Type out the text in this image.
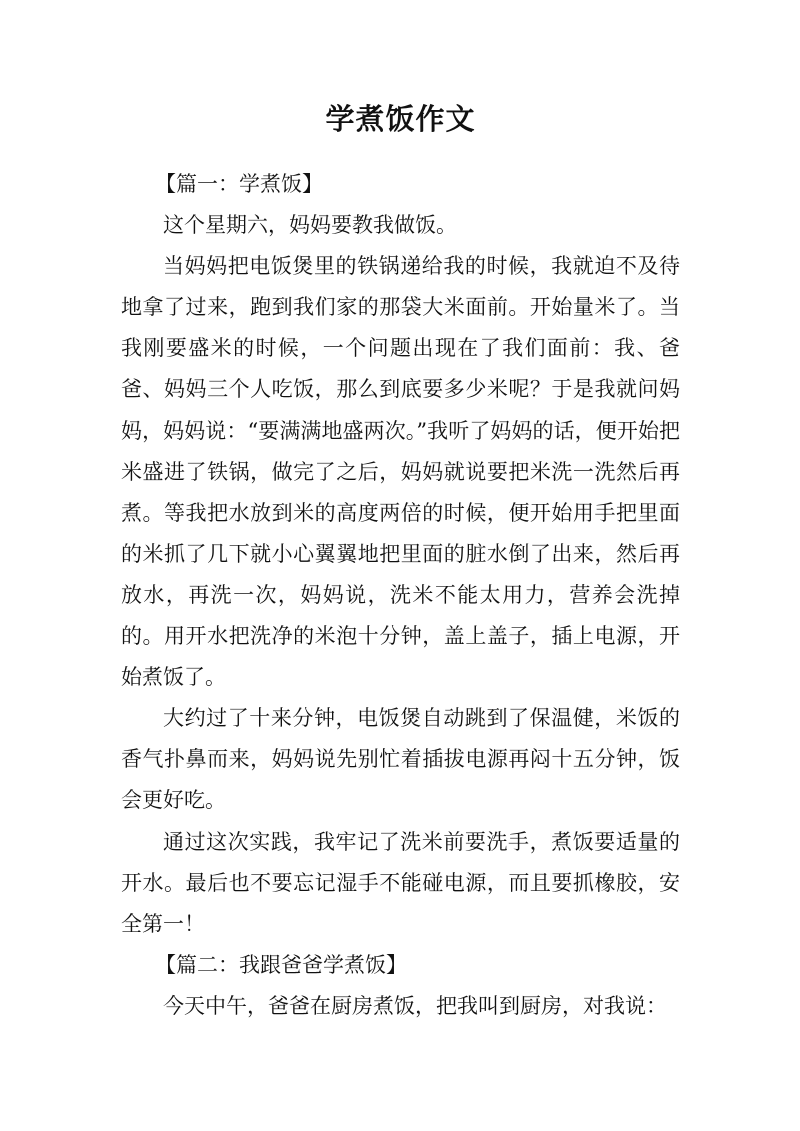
学煮饭作文

【篇一：学煮饭】

这个星期六，妈妈要教我做饭。

当妈妈把电饭煲里的铁锅递给我的时候，我就迫不及待地拿了过来，跑到我们家的那袋大米面前。开始量米了。当我刚要盛米的时候，一个问题出现在了我们面前：我、爸爸、妈妈三个人吃饭，那么到底要多少米呢？于是我就问妈妈，妈妈说：“要满满地盛两次。”我听了妈妈的话，便开始把米盛进了铁锅，做完了之后，妈妈就说要把米洗一洗然后再煮。等我把水放到米的高度两倍的时候，便开始用手把里面的米抓了几下就小心翼翼地把里面的脏水倒了出来，然后再放水，再洗一次，妈妈说，洗米不能太用力，营养会洗掉的。用开水把洗净的米泡十分钟，盖上盖子，插上电源，开始煮饭了。

大约过了十来分钟，电饭煲自动跳到了保温健，米饭的香气扑鼻而来，妈妈说先别忙着插拔电源再闷十五分钟，饭会更好吃。

通过这次实践，我牢记了洗米前要洗手，煮饭要适量的开水。最后也不要忘记湿手不能碰电源，而且要抓橡胶，安全第一！

【篇二：我跟爸爸学煮饭】

今天中午，爸爸在厨房煮饭，把我叫到厨房，对我说：
